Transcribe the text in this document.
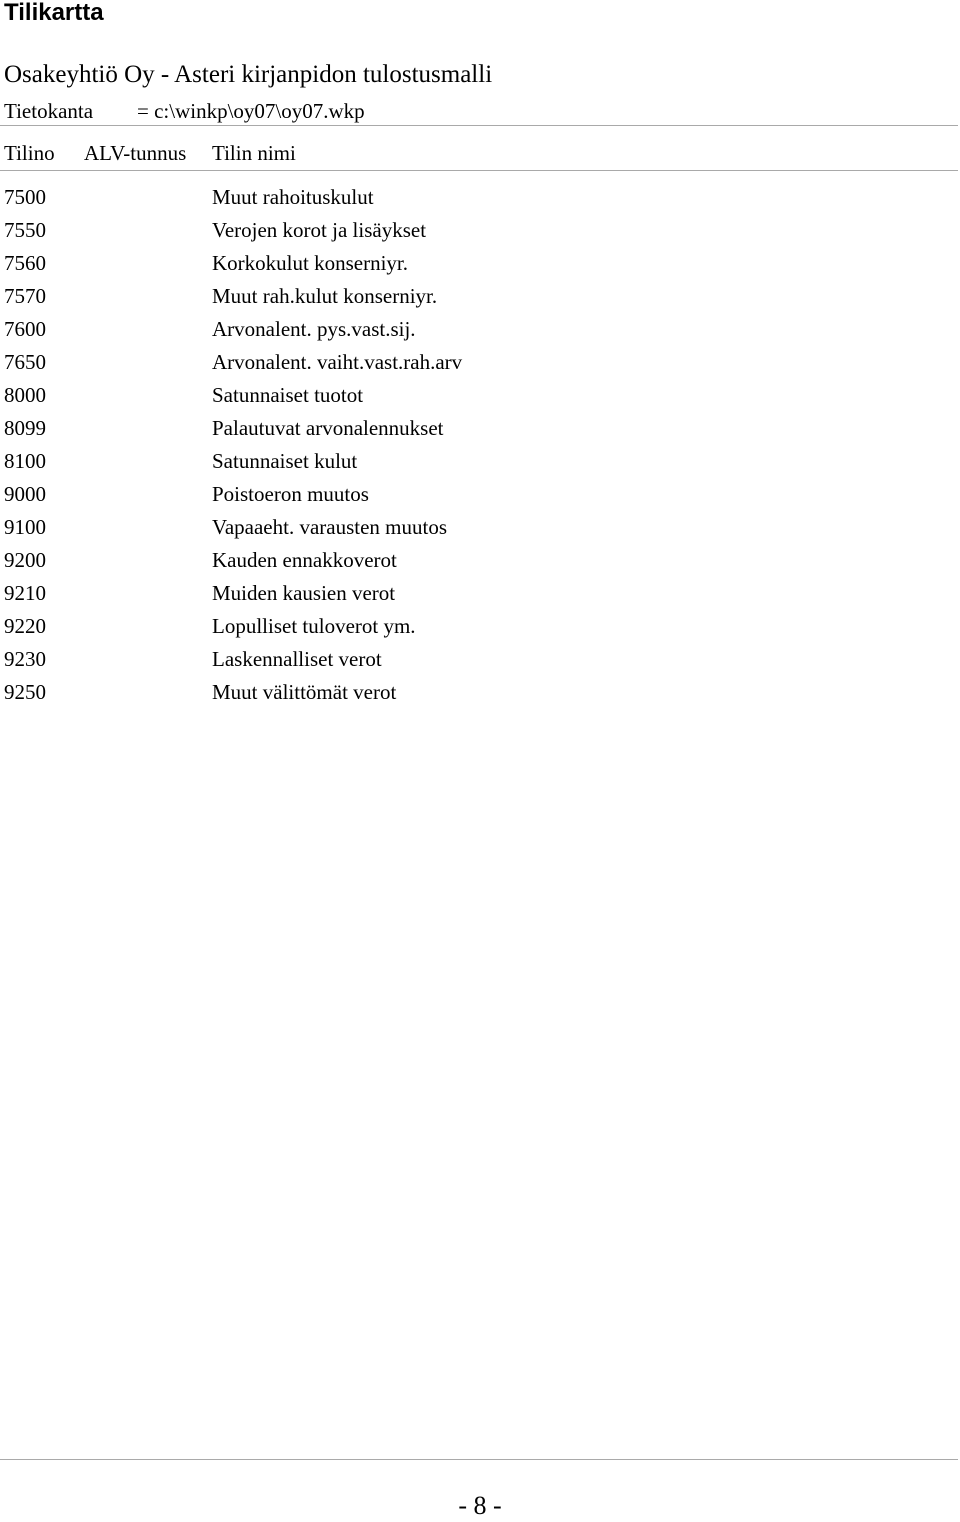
Tilikartta
Osakeyhtiö Oy - Asteri kirjanpidon tulostusmalli
Tietokanta = c:\winkp\oy07\oy07.wkp
Tilino ALV-tunnus Tilin nimi
7500	Muut rahoituskulut
7550	Verojen korot ja lisäykset
7560	Korkokulut konserniyr.
7570	Muut rah.kulut konserniyr.
7600	Arvonalent. pys.vast.sij.
7650	Arvonalent. vaiht.vast.rah.arv
8000	Satunnaiset tuotot
8099	Palautuvat arvonalennukset
8100	Satunnaiset kulut
9000	Poistoeron muutos
9100	Vapaaeht. varausten muutos
9200	Kauden ennakkoverot
9210	Muiden kausien verot
9220	Lopulliset tuloverot ym.
9230	Laskennalliset verot
9250	Muut välittömät verot
- 8 -
